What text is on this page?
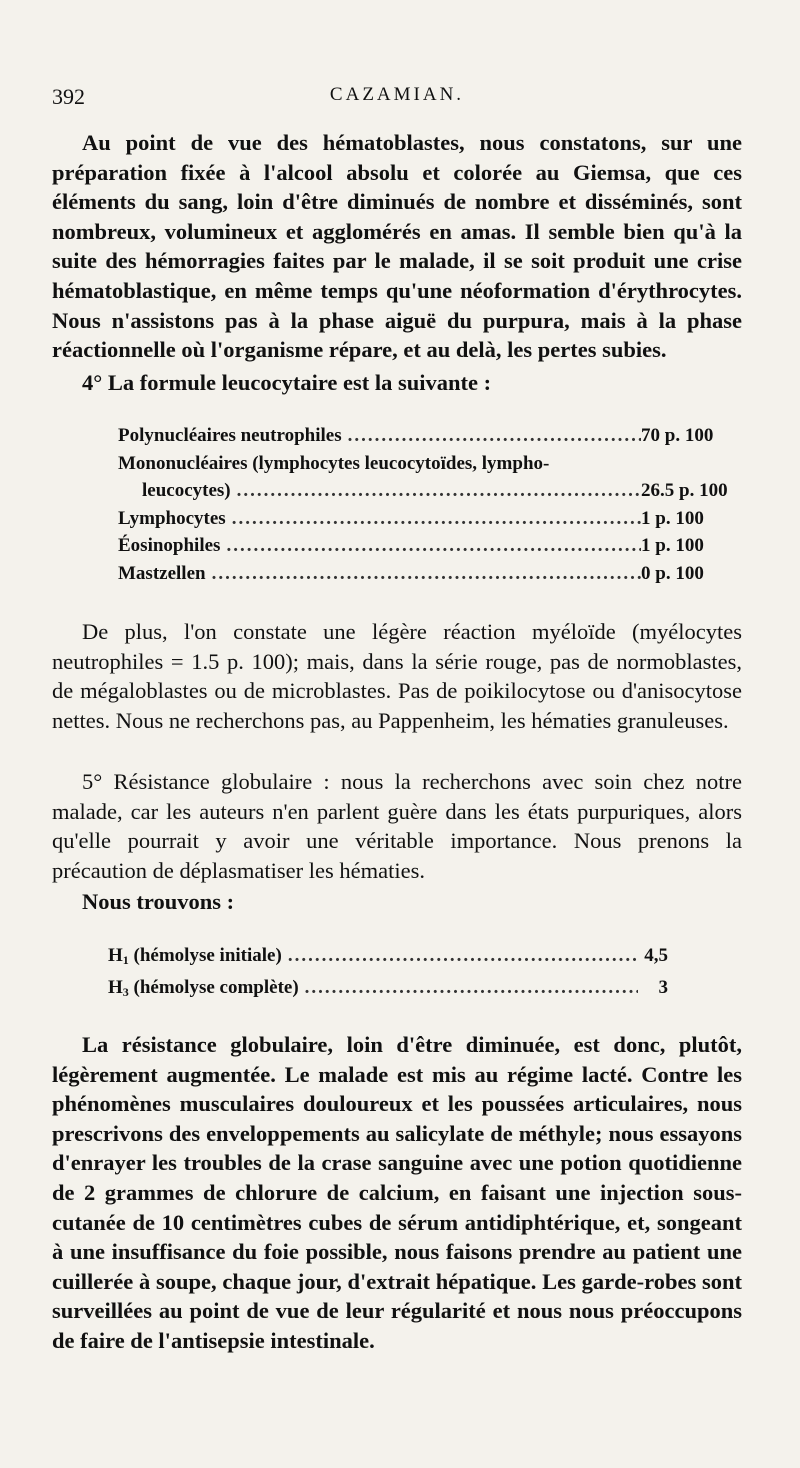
392	CAZAMIAN.

Au point de vue des hématoblastes, nous constatons, sur une préparation fixée à l'alcool absolu et colorée au Giemsa, que ces éléments du sang, loin d'être diminués de nombre et disséminés, sont nombreux, volumineux et agglomérés en amas. Il semble bien qu'à la suite des hémorragies faites par le malade, il se soit produit une crise hématoblastique, en même temps qu'une néoformation d'érythrocytes. Nous n'assistons pas à la phase aiguë du purpura, mais à la phase réactionnelle où l'organisme répare, et au delà, les pertes subies.

4° La formule leucocytaire est la suivante :

Polynucléaires neutrophiles .....	70 p. 100
Mononucléaires (lymphocytes leucocytoïdes, lympho-
leucocytes) .....	26.5 p. 100
Lymphocytes .....	1 p. 100
Éosinophiles .....	1 p. 100
Mastzellen .....	0 p. 100

De plus, l'on constate une légère réaction myéloïde (myélocytes neutrophiles = 1.5 p. 100); mais, dans la série rouge, pas de normoblastes, de mégaloblastes ou de microblastes. Pas de poikilocytose ou d'anisocytose nettes. Nous ne recherchons pas, au Pappenheim, les hématies granuleuses.

5° Résistance globulaire : nous la recherchons avec soin chez notre malade, car les auteurs n'en parlent guère dans les états purpuriques, alors qu'elle pourrait y avoir une véritable importance. Nous prenons la précaution de déplasmatiser les hématies.

Nous trouvons :

H1 (hémolyse initiale) .....	4,5
H3 (hémolyse complète) .....	3

La résistance globulaire, loin d'être diminuée, est donc, plutôt, légèrement augmentée. Le malade est mis au régime lacté. Contre les phénomènes musculaires douloureux et les poussées articulaires, nous prescrivons des enveloppements au salicylate de méthyle; nous essayons d'enrayer les troubles de la crase sanguine avec une potion quotidienne de 2 grammes de chlorure de calcium, en faisant une injection sous-cutanée de 10 centimètres cubes de sérum antidiphtérique, et, songeant à une insuffisance du foie possible, nous faisons prendre au patient une cuillerée à soupe, chaque jour, d'extrait hépatique. Les garde-robes sont surveillées au point de vue de leur régularité et nous nous préoccupons de faire de l'antisepsie intestinale.
